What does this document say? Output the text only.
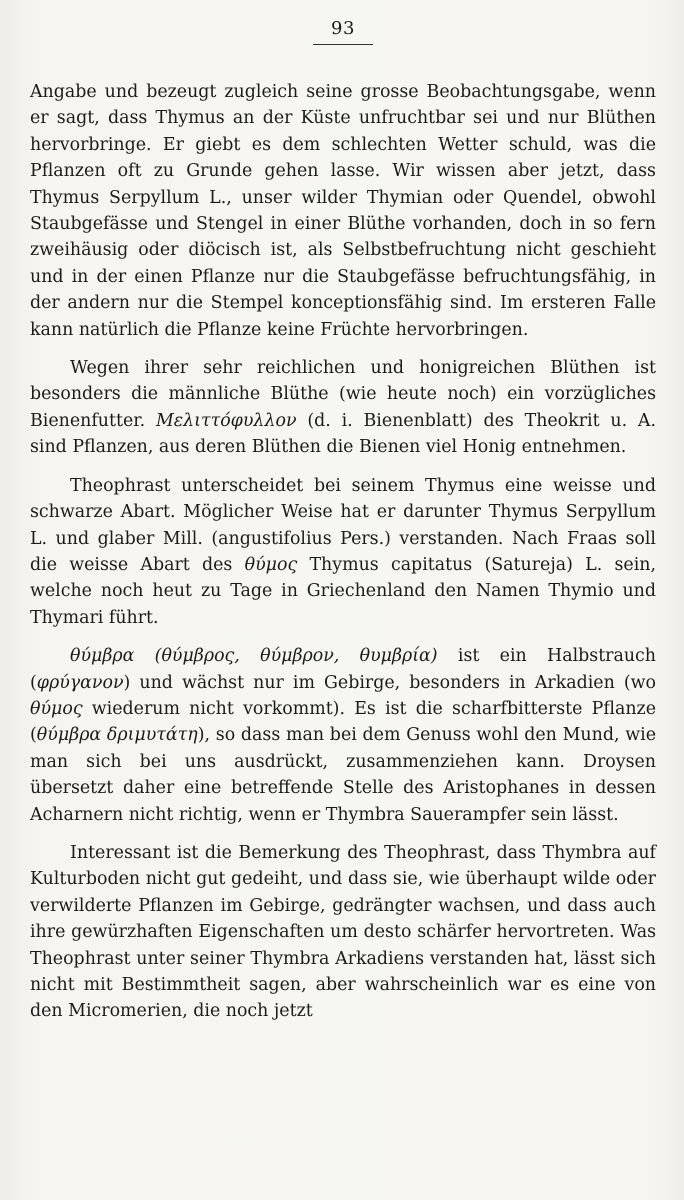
93

Angabe und bezeugt zugleich seine grosse Beobachtungsgabe, wenn er sagt, dass Thymus an der Küste unfruchtbar sei und nur Blüthen hervorbringe. Er giebt es dem schlechten Wetter schuld, was die Pflanzen oft zu Grunde gehen lasse. Wir wissen aber jetzt, dass Thymus Serpyllum L., unser wilder Thymian oder Quendel, obwohl Staubgefässe und Stengel in einer Blüthe vorhanden, doch in so fern zweihäusig oder diöcisch ist, als Selbstbefruchtung nicht geschieht und in der einen Pflanze nur die Staubgefässe befruchtungsfähig, in der andern nur die Stempel konceptionsfähig sind. Im ersteren Falle kann natürlich die Pflanze keine Früchte hervorbringen.

Wegen ihrer sehr reichlichen und honigreichen Blüthen ist besonders die männliche Blüthe (wie heute noch) ein vorzügliches Bienenfutter. Μελιττόφυλλον (d. i. Bienenblatt) des Theokrit u. A. sind Pflanzen, aus deren Blüthen die Bienen viel Honig entnehmen.

Theophrast unterscheidet bei seinem Thymus eine weisse und schwarze Abart. Möglicher Weise hat er darunter Thymus Serpyllum L. und glaber Mill. (angustifolius Pers.) verstanden. Nach Fraas soll die weisse Abart des θύμος Thymus capitatus (Satureja) L. sein, welche noch heut zu Tage in Griechenland den Namen Thymio und Thymari führt.

θύμβρα (θύμβρος, θύμβρον, θυμβρία) ist ein Halbstrauch (φρύγανον) und wächst nur im Gebirge, besonders in Arkadien (wo θύμος wiederum nicht vorkommt). Es ist die scharfbitterste Pflanze (θύμβρα δριμυτάτη), so dass man bei dem Genuss wohl den Mund, wie man sich bei uns ausdrückt, zusammenziehen kann. Droysen übersetzt daher eine betreffende Stelle des Aristophanes in dessen Acharnern nicht richtig, wenn er Thymbra Sauerampfer sein lässt.

Interessant ist die Bemerkung des Theophrast, dass Thymbra auf Kulturboden nicht gut gedeiht, und dass sie, wie überhaupt wilde oder verwilderte Pflanzen im Gebirge, gedrängter wachsen, und dass auch ihre gewürzhaften Eigenschaften um desto schärfer hervortreten. Was Theophrast unter seiner Thymbra Arkadiens verstanden hat, lässt sich nicht mit Bestimmtheit sagen, aber wahrscheinlich war es eine von den Micromerien, die noch jetzt
